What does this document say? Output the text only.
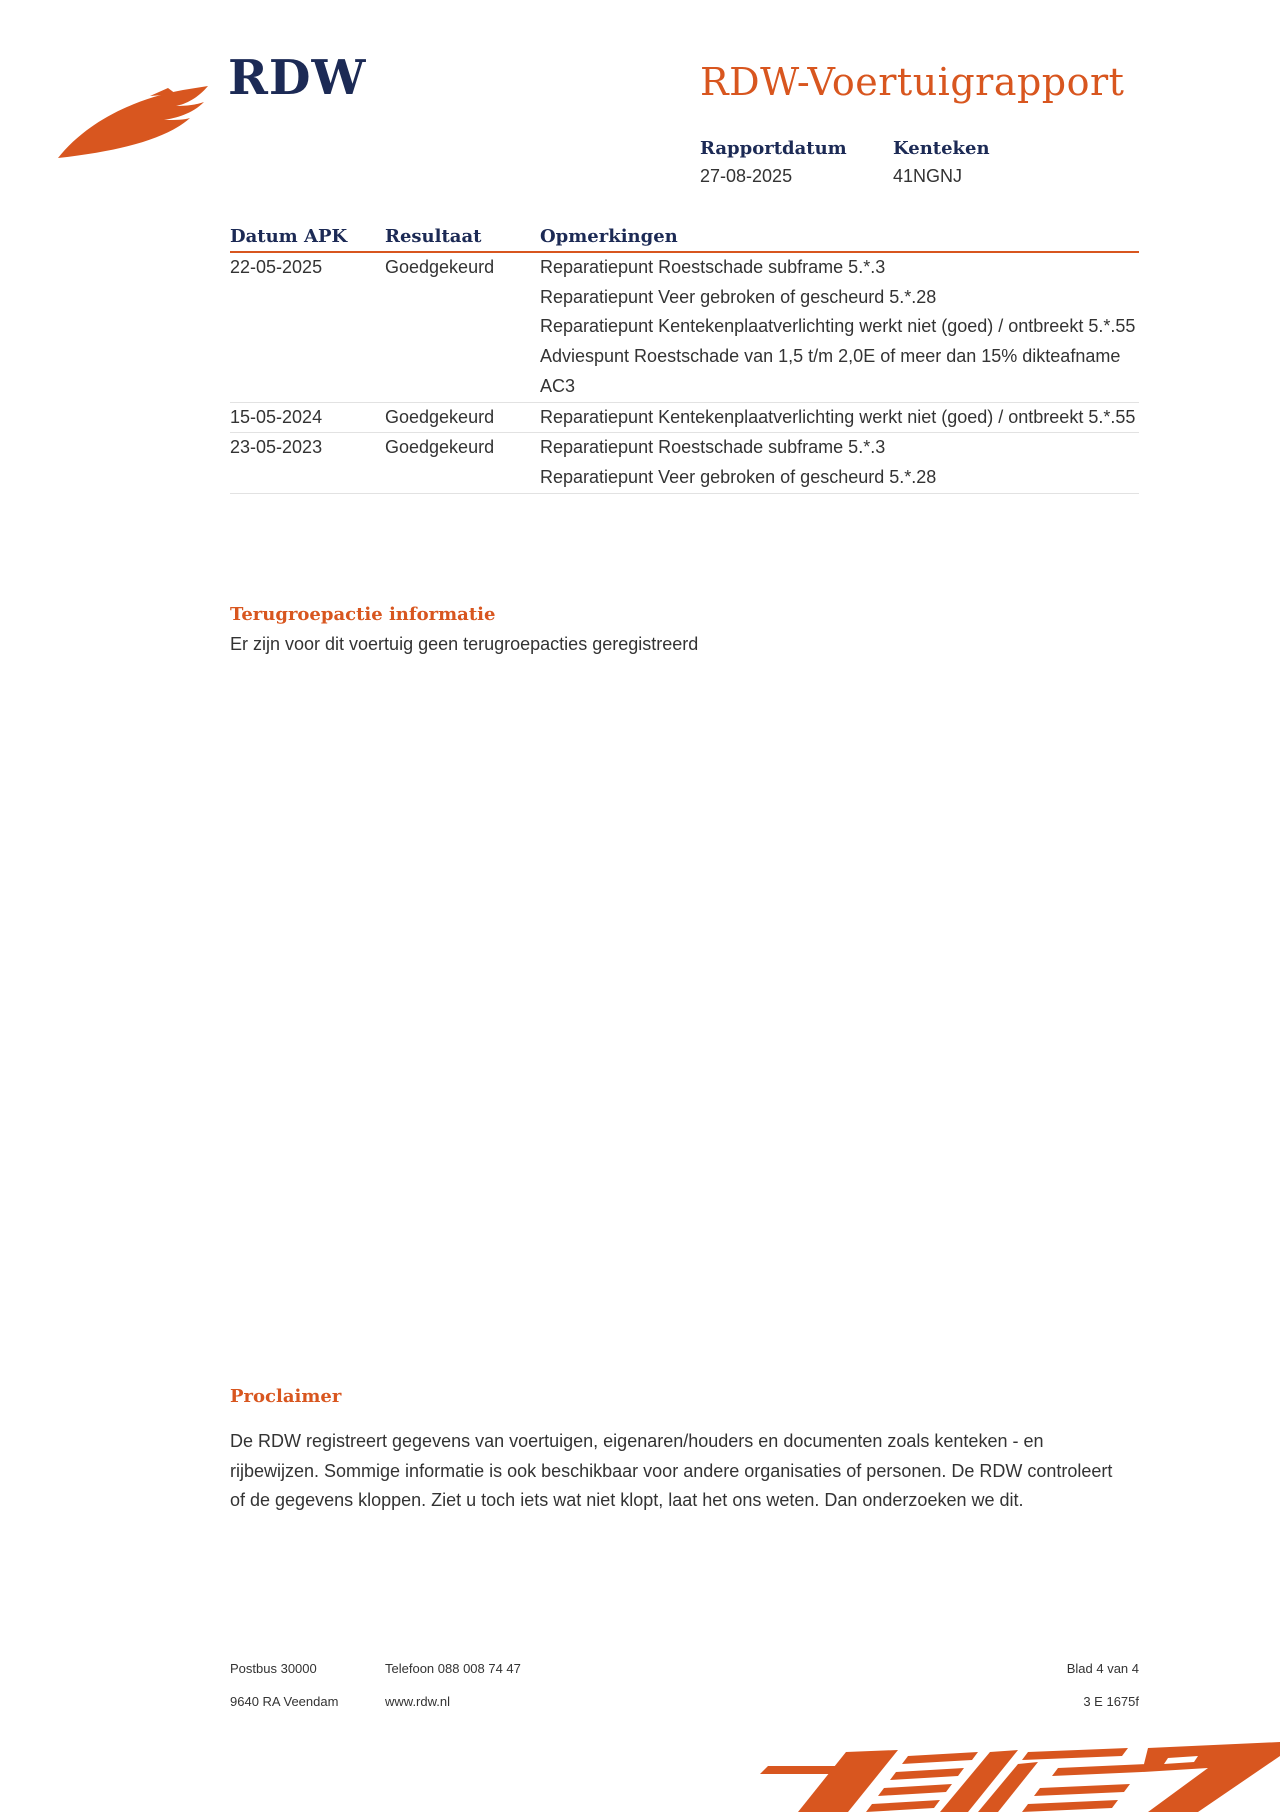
RDW	RDW-Voertuigrapport
Rapportdatum
27-08-2025
Kenteken
41NGNJ
Datum APK	Resultaat	Opmerkingen
22-05-2025	Goedgekeurd	Reparatiepunt Roestschade subframe 5.*.3
Reparatiepunt Veer gebroken of gescheurd 5.*.28
Reparatiepunt Kentekenplaatverlichting werkt niet (goed) / ontbreekt 5.*.55
Adviespunt Roestschade van 1,5 t/m 2,0E of meer dan 15% dikteafname AC3

15-05-2024	Goedgekeurd	Reparatiepunt Kentekenplaatverlichting werkt niet (goed) / ontbreekt 5.*.55

23-05-2023	Goedgekeurd	Reparatiepunt Roestschade subframe 5.*.3
Reparatiepunt Veer gebroken of gescheurd 5.*.28
Terugroepactie informatie
Er zijn voor dit voertuig geen terugroepacties geregistreerd
Proclaimer
De RDW registreert gegevens van voertuigen, eigenaren/houders en documenten zoals kenteken - en rijbewijzen. Sommige informatie is ook beschikbaar voor andere organisaties of personen. De RDW controleert of de gegevens kloppen. Ziet u toch iets wat niet klopt, laat het ons weten. Dan onderzoeken we dit.
Postbus 30000
9640 RA Veendam
Telefoon 088 008 74 47
www.rdw.nl
Blad 4 van 4
3 E 1675f
